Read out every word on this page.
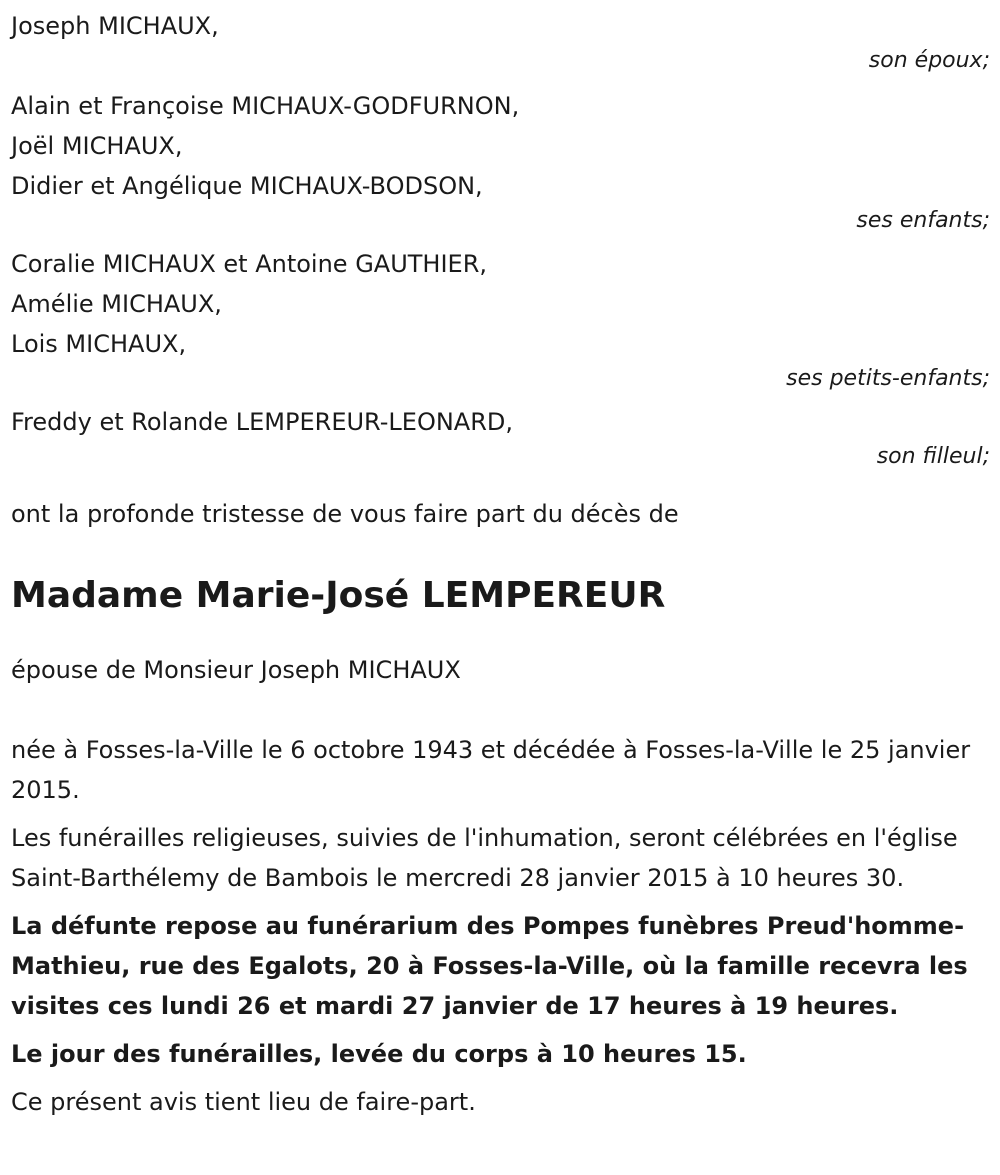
Joseph MICHAUX,
son époux;
Alain et Françoise MICHAUX-GODFURNON,
Joël MICHAUX,
Didier et Angélique MICHAUX-BODSON,
ses enfants;
Coralie MICHAUX et Antoine GAUTHIER,
Amélie MICHAUX,
Lois MICHAUX,
ses petits-enfants;
Freddy et Rolande LEMPEREUR-LEONARD,
son filleul;
ont la profonde tristesse de vous faire part du décès de
Madame Marie-José LEMPEREUR
épouse de Monsieur Joseph MICHAUX
née à Fosses-la-Ville le 6 octobre 1943 et décédée à Fosses-la-Ville le 25 janvier 2015.
Les funérailles religieuses, suivies de l'inhumation, seront célébrées en l'église Saint-Barthélemy de Bambois le mercredi 28 janvier 2015 à 10 heures 30.
La défunte repose au funérarium des Pompes funèbres Preud'homme-Mathieu, rue des Egalots, 20 à Fosses-la-Ville, où la famille recevra les visites ces lundi 26 et mardi 27 janvier de 17 heures à 19 heures.
Le jour des funérailles, levée du corps à 10 heures 15.
Ce présent avis tient lieu de faire-part.
